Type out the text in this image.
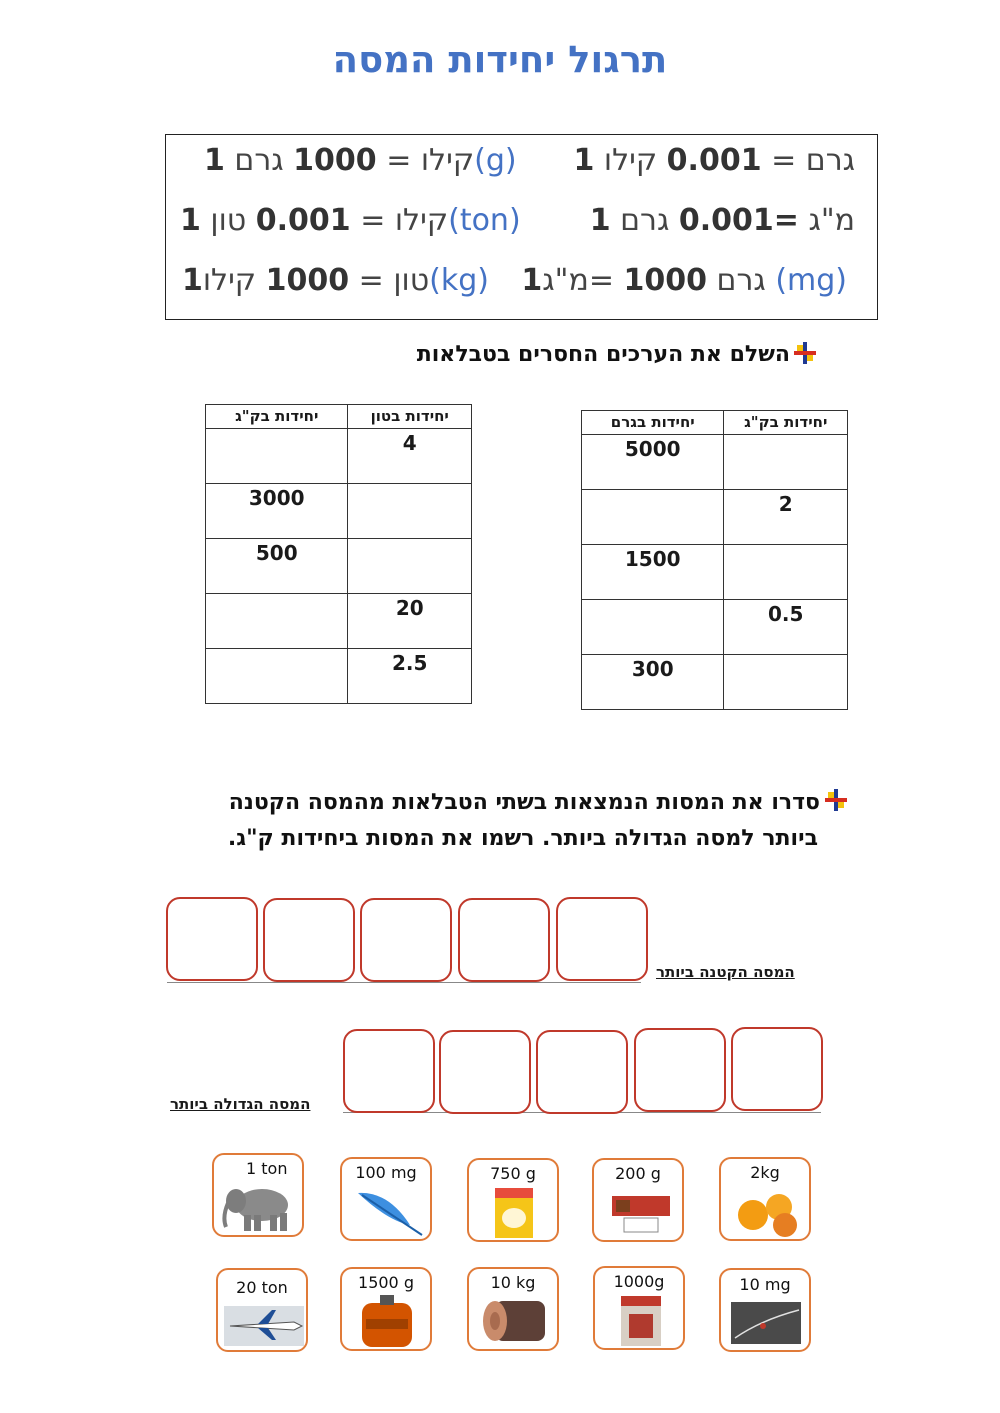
תרגול יחידות המסה
1 גרם = 0.001 קילו
1 קילו = 1000 גרם	(g)
1 מ"ג =0.001 גרם
1 קילו = 0.001 טון	(ton)
1	גרם 1000 =מ"ג	(mg)
1	טון = 1000 קילו	(kg)
השלם את הערכים החסרים בטבלאות
יחידות בק"ג	יחידות בטון
	4
3000	
500	
	20
	2.5
יחידות בגרם	יחידות בק"ג
5000	
	2
1500	
	0.5
300	
סדרו את המסות הנמצאות בשתי הטבלאות מהמסה הקטנה
ביותר למסה הגדולה ביותר. רשמו את המסות ביחידות ק"ג.
המסה הקטנה ביותר
המסה הגדולה ביותר
1 ton	100 mg	750 g	200 g	2kg
20 ton	1500 g	10 kg	1000g	10 mg
